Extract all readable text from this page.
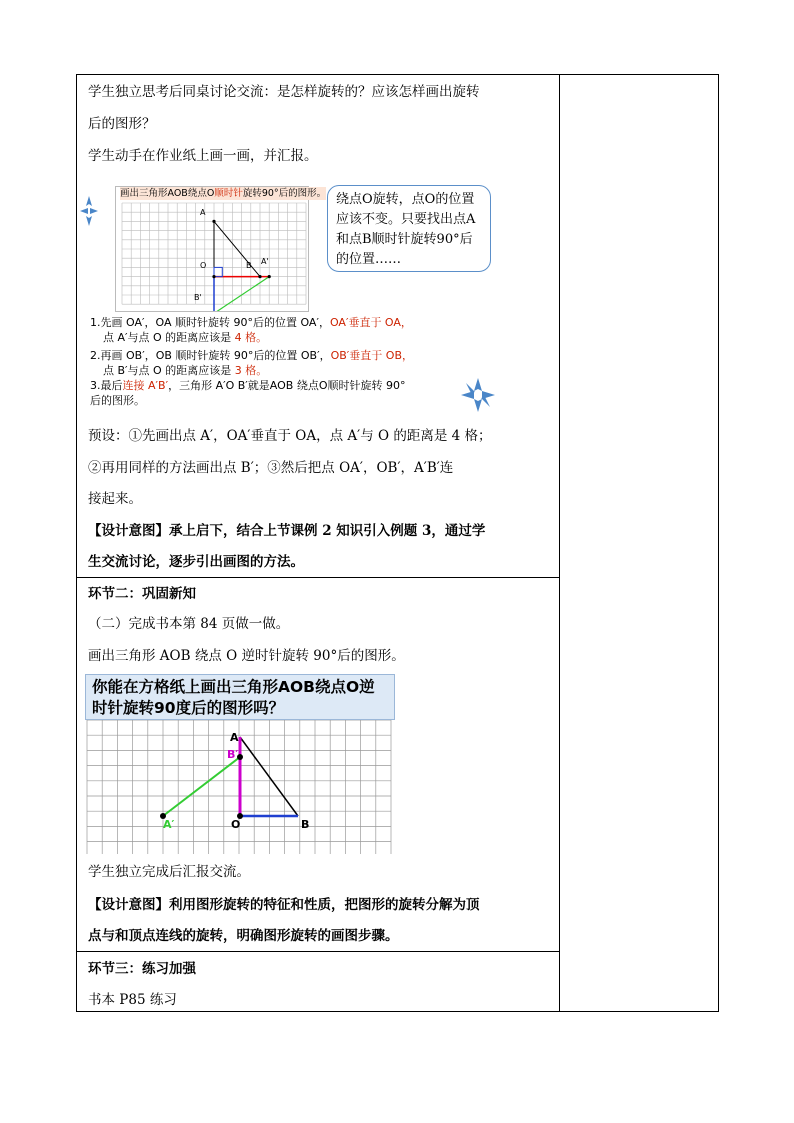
学生独立思考后同桌讨论交流：是怎样旋转的？应该怎样画出旋转
后的图形？
学生动手在作业纸上画一画，并汇报。
画出三角形AOB绕点O顺时针旋转90°后的图形。
A
O	B A'
B'
绕点O旋转，点O的位置应该不变。只要找出点A和点B顺时针旋转90°后的位置……
1.先画 OA′，OA 顺时针旋转 90°后的位置 OA′，OA′垂直于 OA，
点 A′与点 O 的距离应该是 4 格。
2.再画 OB′，OB 顺时针旋转 90°后的位置 OB′，OB′垂直于 OB，
点 B′与点 O 的距离应该是 3 格。
3.最后连接 A′B′，三角形 A′O B′就是AOB 绕点O顺时针旋转 90°
后的图形。
预设：①先画出点 A′，OA′垂直于 OA，点 A′与 O 的距离是 4 格；
②再用同样的方法画出点 B′；③然后把点 OA′，OB′，A′B′连
接起来。
【设计意图】承上启下，结合上节课例 2 知识引入例题 3，通过学
生交流讨论，逐步引出画图的方法。
环节二：巩固新知
（二）完成书本第 84 页做一做。
画出三角形 AOB 绕点 O 逆时针旋转 90°后的图形。
你能在方格纸上画出三角形AOB绕点O逆
时针旋转90度后的图形吗？
A
B′
O	B
A′
学生独立完成后汇报交流。
【设计意图】利用图形旋转的特征和性质，把图形的旋转分解为顶
点与和顶点连线的旋转，明确图形旋转的画图步骤。
环节三：练习加强
书本 P85 练习
